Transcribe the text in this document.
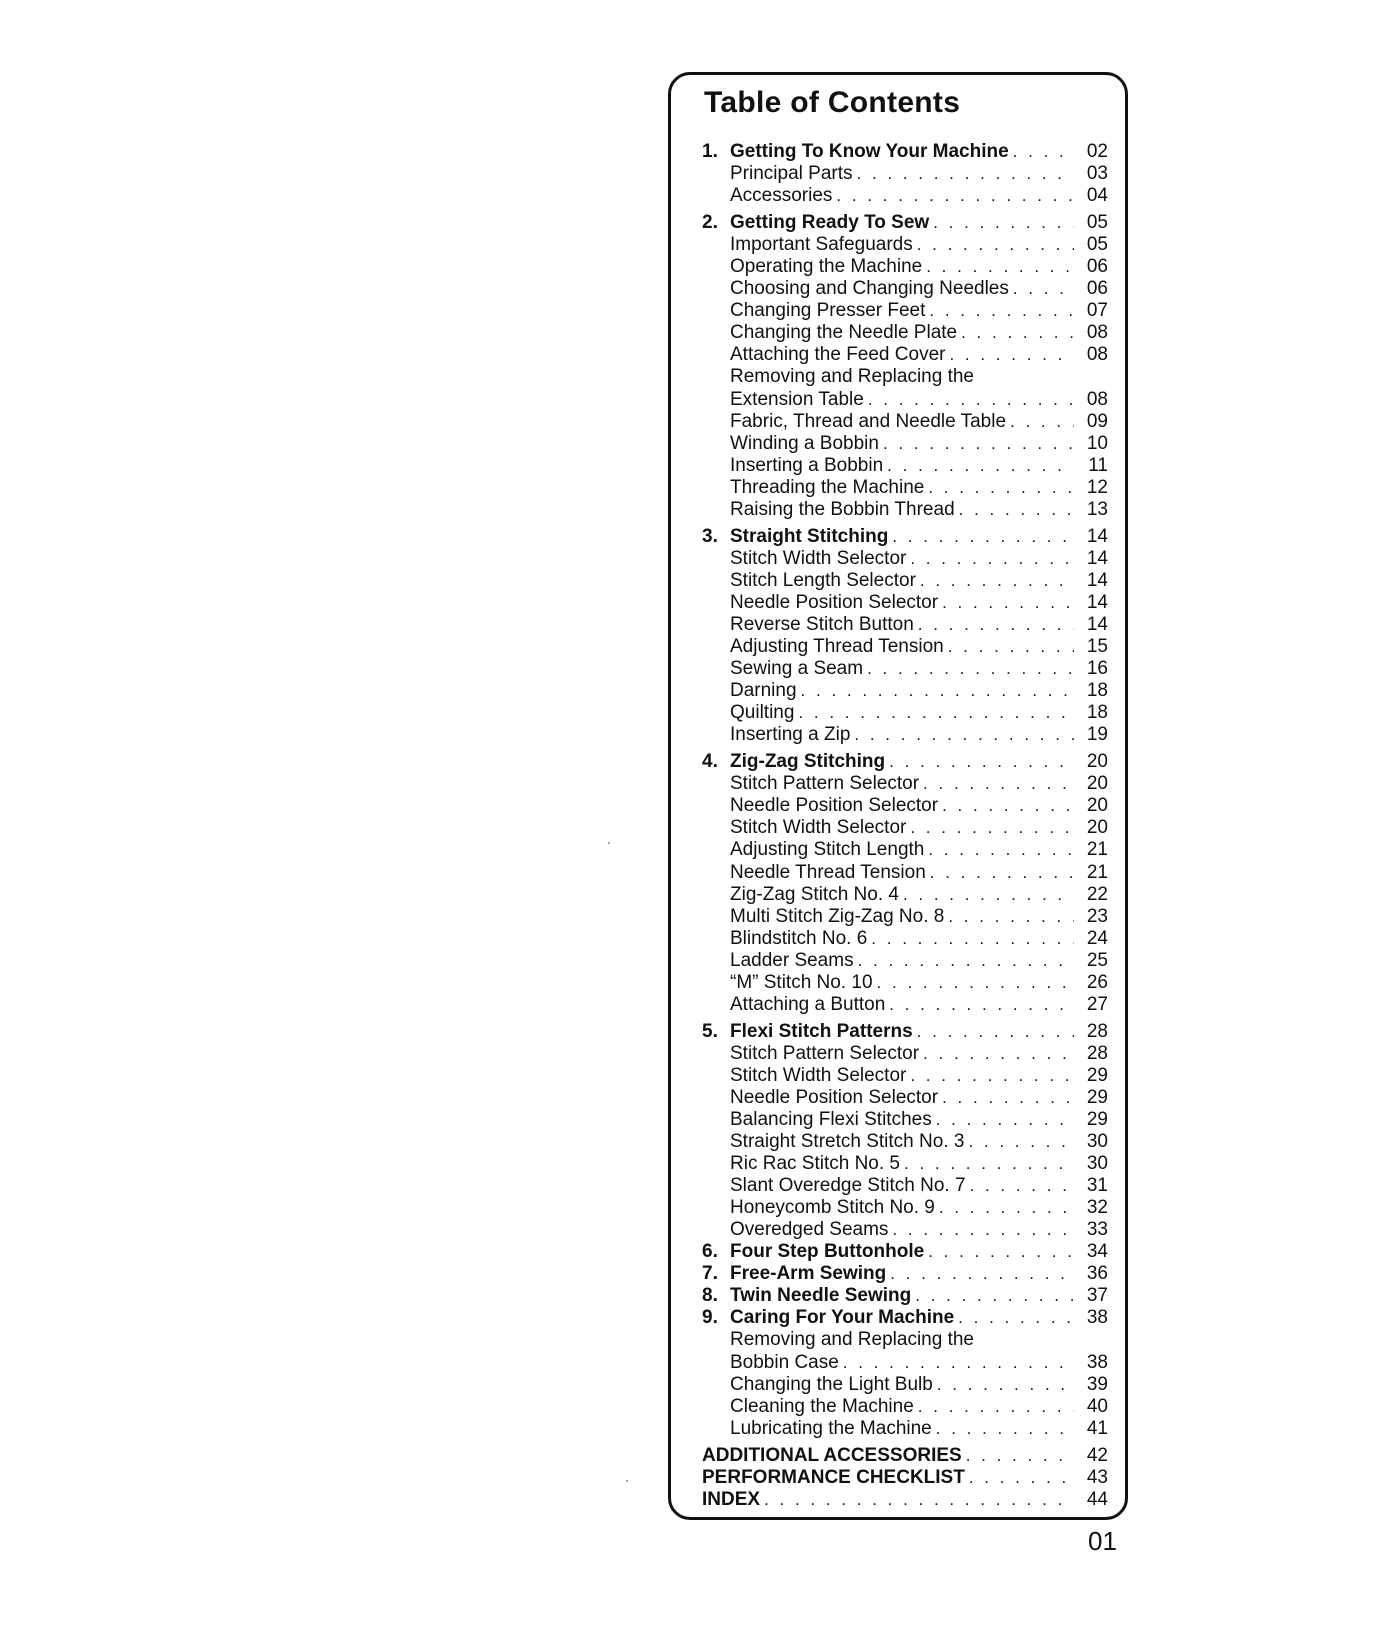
Table of Contents
1. Getting To Know Your Machine . . .	02
Principal Parts . . .	03
Accessories . . .	04
2. Getting Ready To Sew . . .	05
Important Safeguards . . .	05
Operating the Machine . . .	06
Choosing and Changing Needles . . .	06
Changing Presser Feet . . .	07
Changing the Needle Plate . . .	08
Attaching the Feed Cover . . .	08
Removing and Replacing the
Extension Table . . .	08
Fabric, Thread and Needle Table . . .	09
Winding a Bobbin . . .	10
Inserting a Bobbin . . .	11
Threading the Machine . . .	12
Raising the Bobbin Thread . . .	13
3. Straight Stitching . . .	14
Stitch Width Selector . . .	14
Stitch Length Selector . . .	14
Needle Position Selector . . .	14
Reverse Stitch Button . . .	14
Adjusting Thread Tension . . .	15
Sewing a Seam . . .	16
Darning . . .	18
Quilting . . .	18
Inserting a Zip . . .	19
4. Zig-Zag Stitching . . .	20
Stitch Pattern Selector . . .	20
Needle Position Selector . . .	20
Stitch Width Selector . . .	20
Adjusting Stitch Length . . .	21
Needle Thread Tension . . .	21
Zig-Zag Stitch No. 4 . . .	22
Multi Stitch Zig-Zag No. 8 . . .	23
Blindstitch No. 6 . . .	24
Ladder Seams . . .	25
“M” Stitch No. 10 . . .	26
Attaching a Button . . .	27
5. Flexi Stitch Patterns . . .	28
Stitch Pattern Selector . . .	28
Stitch Width Selector . . .	29
Needle Position Selector . . .	29
Balancing Flexi Stitches . . .	29
Straight Stretch Stitch No. 3 . . .	30
Ric Rac Stitch No. 5 . . .	30
Slant Overedge Stitch No. 7 . . .	31
Honeycomb Stitch No. 9 . . .	32
Overedged Seams . . .	33
6. Four Step Buttonhole . . .	34
7. Free-Arm Sewing . . .	36
8. Twin Needle Sewing . . .	37
9. Caring For Your Machine . . .	38
Removing and Replacing the
Bobbin Case . . .	38
Changing the Light Bulb . . .	39
Cleaning the Machine . . .	40
Lubricating the Machine . . .	41
ADDITIONAL ACCESSORIES . . .	42
PERFORMANCE CHECKLIST . . .	43
INDEX . . .	44
01
